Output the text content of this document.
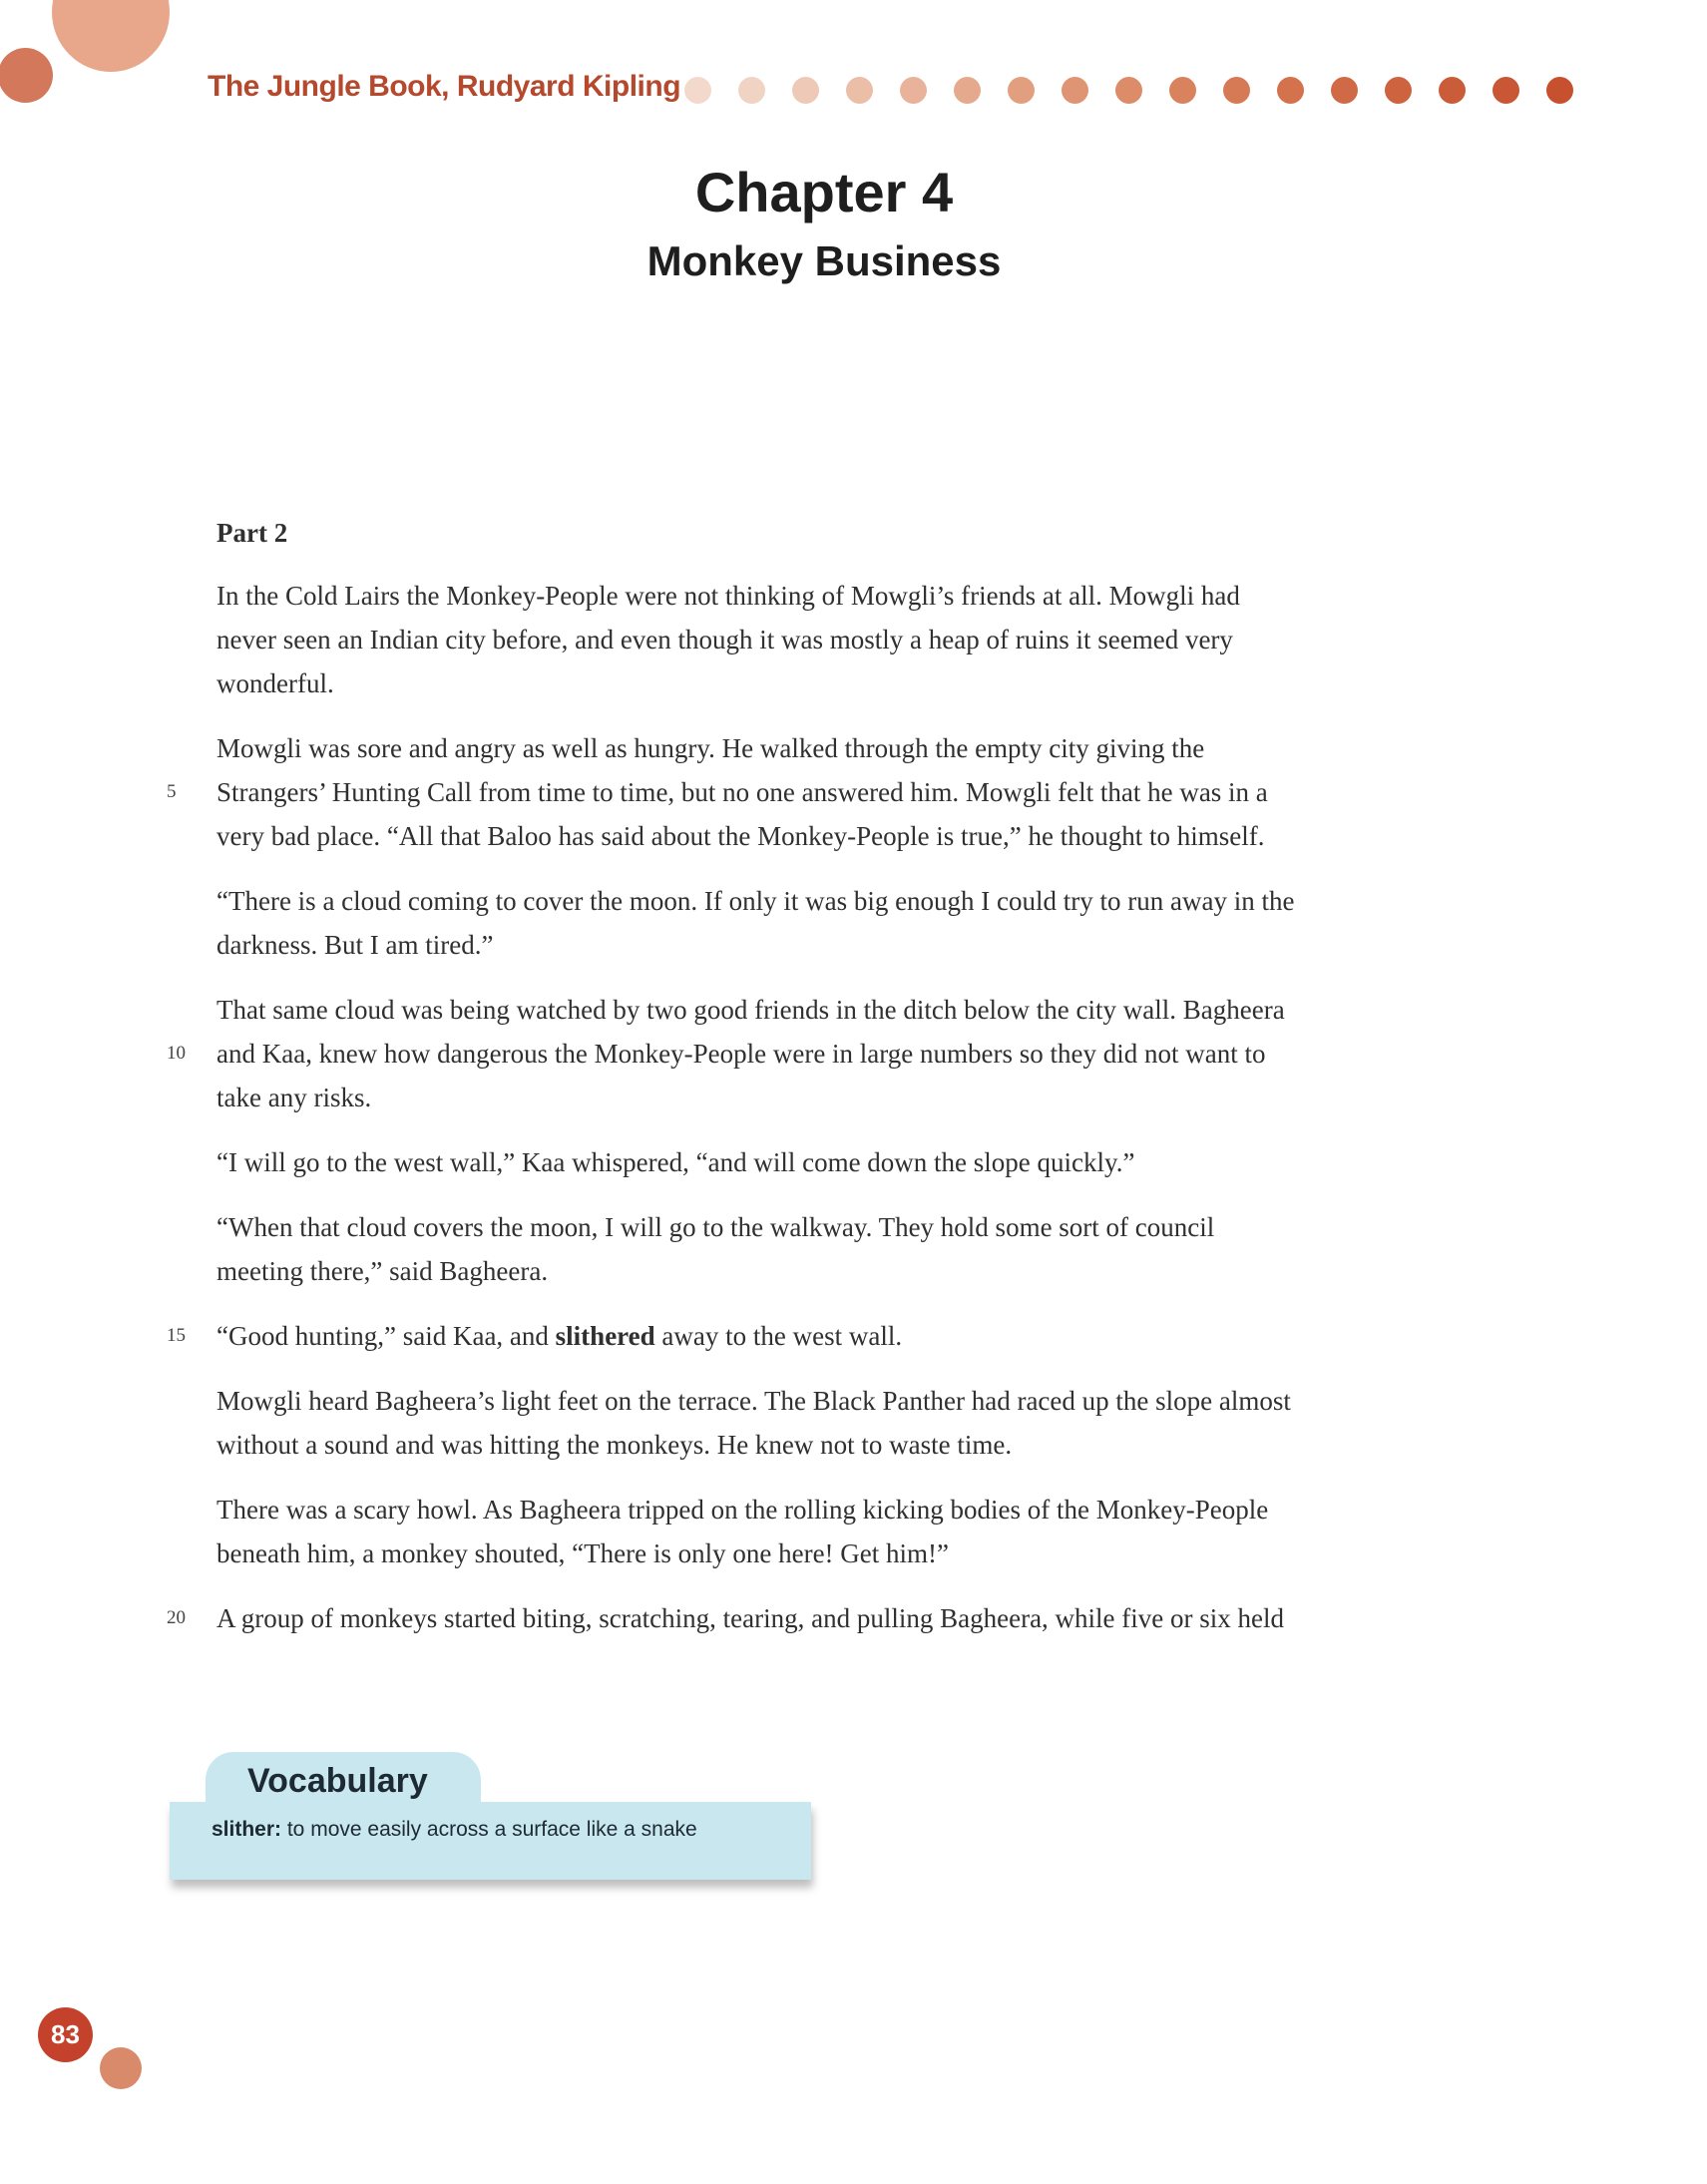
The Jungle Book, Rudyard Kipling
Chapter 4
Monkey Business
Part 2
In the Cold Lairs the Monkey-People were not thinking of Mowgli’s friends at all. Mowgli had
never seen an Indian city before, and even though it was mostly a heap of ruins it seemed very
wonderful.
Mowgli was sore and angry as well as hungry. He walked through the empty city giving the
5 Strangers’ Hunting Call from time to time, but no one answered him. Mowgli felt that he was in a
very bad place. “All that Baloo has said about the Monkey-People is true,” he thought to himself.
“There is a cloud coming to cover the moon. If only it was big enough I could try to run away in the
darkness. But I am tired.”
That same cloud was being watched by two good friends in the ditch below the city wall. Bagheera
10 and Kaa, knew how dangerous the Monkey-People were in large numbers so they did not want to
take any risks.
“I will go to the west wall,” Kaa whispered, “and will come down the slope quickly.”
“When that cloud covers the moon, I will go to the walkway. They hold some sort of council
meeting there,” said Bagheera.
15 “Good hunting,” said Kaa, and slithered away to the west wall.
Mowgli heard Bagheera’s light feet on the terrace. The Black Panther had raced up the slope almost
without a sound and was hitting the monkeys. He knew not to waste time.
There was a scary howl. As Bagheera tripped on the rolling kicking bodies of the Monkey-People
beneath him, a monkey shouted, “There is only one here! Get him!”
20 A group of monkeys started biting, scratching, tearing, and pulling Bagheera, while five or six held
Vocabulary
slither: to move easily across a surface like a snake
83
